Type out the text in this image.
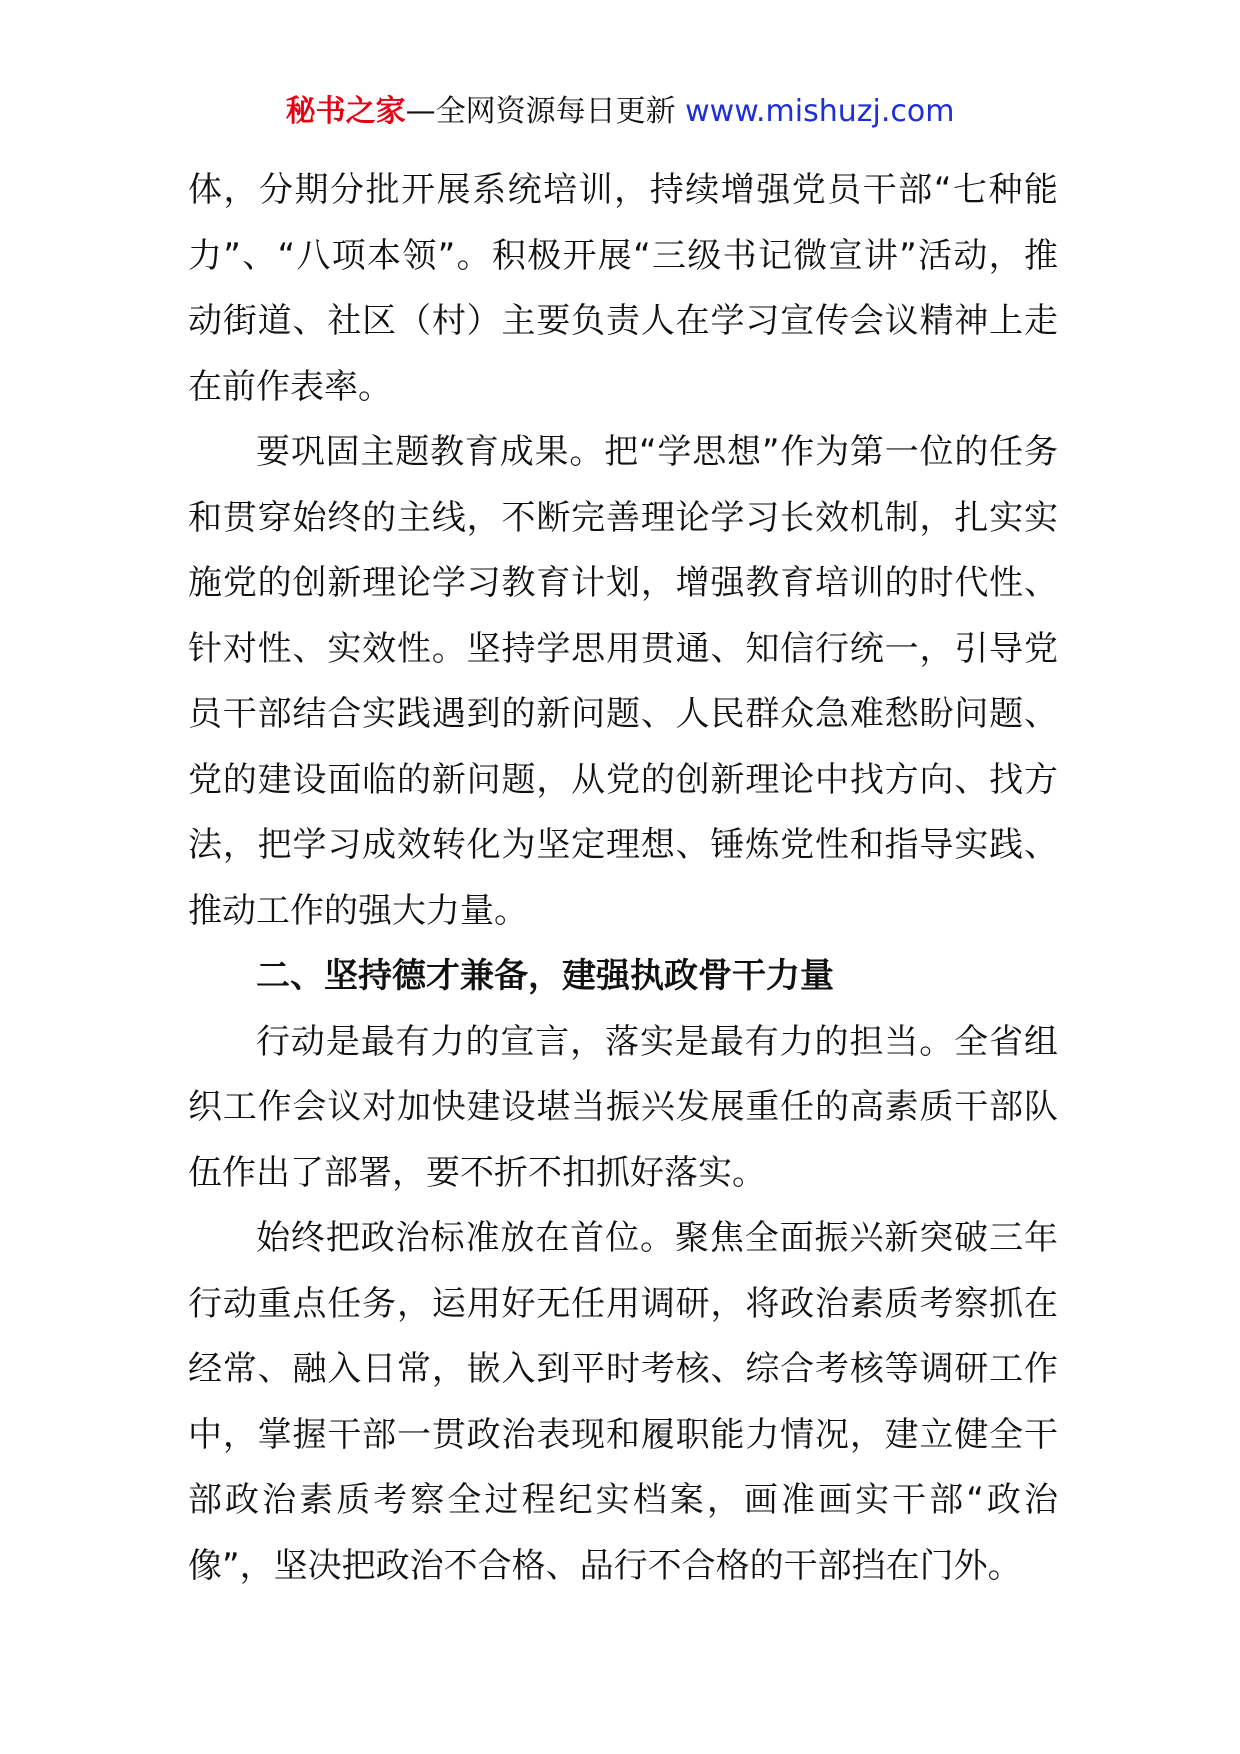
秘书之家—全网资源每日更新 www.mishuzj.com

体，分期分批开展系统培训，持续增强党员干部“七种能力”、“八项本领”。积极开展“三级书记微宣讲”活动，推动街道、社区（村）主要负责人在学习宣传会议精神上走在前作表率。

要巩固主题教育成果。把“学思想”作为第一位的任务和贯穿始终的主线，不断完善理论学习长效机制，扎实实施党的创新理论学习教育计划，增强教育培训的时代性、针对性、实效性。坚持学思用贯通、知信行统一，引导党员干部结合实践遇到的新问题、人民群众急难愁盼问题、党的建设面临的新问题，从党的创新理论中找方向、找方法，把学习成效转化为坚定理想、锤炼党性和指导实践、推动工作的强大力量。

二、坚持德才兼备，建强执政骨干力量

行动是最有力的宣言，落实是最有力的担当。全省组织工作会议对加快建设堪当振兴发展重任的高素质干部队伍作出了部署，要不折不扣抓好落实。

始终把政治标准放在首位。聚焦全面振兴新突破三年行动重点任务，运用好无任用调研，将政治素质考察抓在经常、融入日常，嵌入到平时考核、综合考核等调研工作中，掌握干部一贯政治表现和履职能力情况，建立健全干部政治素质考察全过程纪实档案，画准画实干部“政治像”，坚决把政治不合格、品行不合格的干部挡在门外。
